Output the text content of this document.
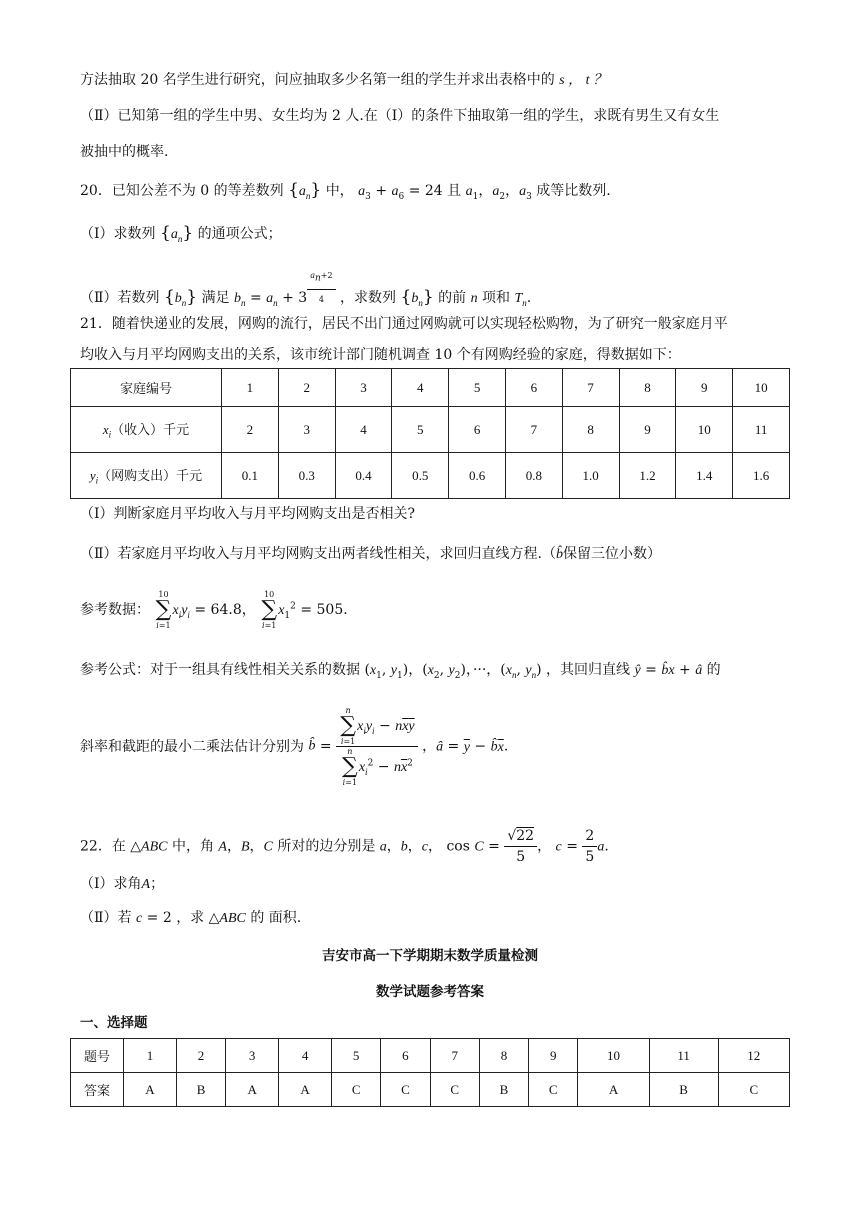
方法抽取 20 名学生进行研究，问应抽取多少名第一组的学生并求出表格中的 s ， t ？
（Ⅱ）已知第一组的学生中男、女生均为 2 人.在（Ⅰ）的条件下抽取第一组的学生，求既有男生又有女生
被抽中的概率.
20．已知公差不为 0 的等差数列 $\{a_n\}$ 中， $a_3 + a_6 = 24$ 且 $a_1$，$a_2$，$a_3$ 成等比数列.
（Ⅰ）求数列 $\{a_n\}$ 的通项公式；
（Ⅱ）若数列 $\{b_n\}$ 满足 $b_n = a_n + 3$ $^{\frac{a_n+2}{4}}$ ，求数列 $\{b_n\}$ 的前 n 项和 $T_n$.
21．随着快递业的发展，网购的流行，居民不出门通过网购就可以实现轻松购物，为了研究一般家庭月平
均收入与月平均网购支出的关系，该市统计部门随机调查 10 个有网购经验的家庭，得数据如下：
家庭编号	1	2	3	4	5	6	7	8	9	10
$x_i$（收入）千元	2	3	4	5	6	7	8	9	10	11
$y_i$（网购支出）千元	0.1	0.3	0.4	0.5	0.6	0.8	1.0	1.2	1.4	1.6
（Ⅰ）判断家庭月平均收入与月平均网购支出是否相关?
（Ⅱ）若家庭月平均收入与月平均网购支出两者线性相关，求回归直线方程.（b̂保留三位小数）
参考数据：
10
∑
i=1
$x_iy_i = 64.8$，
10
∑
i=1
$x_1^2 = 505$.
参考公式：对于一组具有线性相关关系的数据 ($x_1$, $y_1$)，($x_2$, $y_2$)，···，($x_n$, $y_n$) ，其回归直线 ŷ = b̂x + â 的
斜率和截距的最小二乘法估计分别为 b̂ = n
∑
i=1
$x_iy_i - n\overline{x}\overline{y}$
n
∑
i=1
$x_i^2 - n\overline{x}^2$ ，â = $\overline{y}$ − $b̂\overline{x}$.
22．在 △ABC 中，角 A，B，C 所对的边分别是 a，b，c， $\cos C = \frac{√22}{5}$ ， $c = \frac{2}{5} a$.
（Ⅰ）求角A；
（Ⅱ）若 c = 2 ，求 △ABC 的 面积.
吉安市高一下学期期末数学质量检测
数学试题参考答案
一、选择题
题号	1	2	3	4	5	6	7	8	9	10	11	12
答案	A	B	A	A	C	C	C	B	C	A	B	C
